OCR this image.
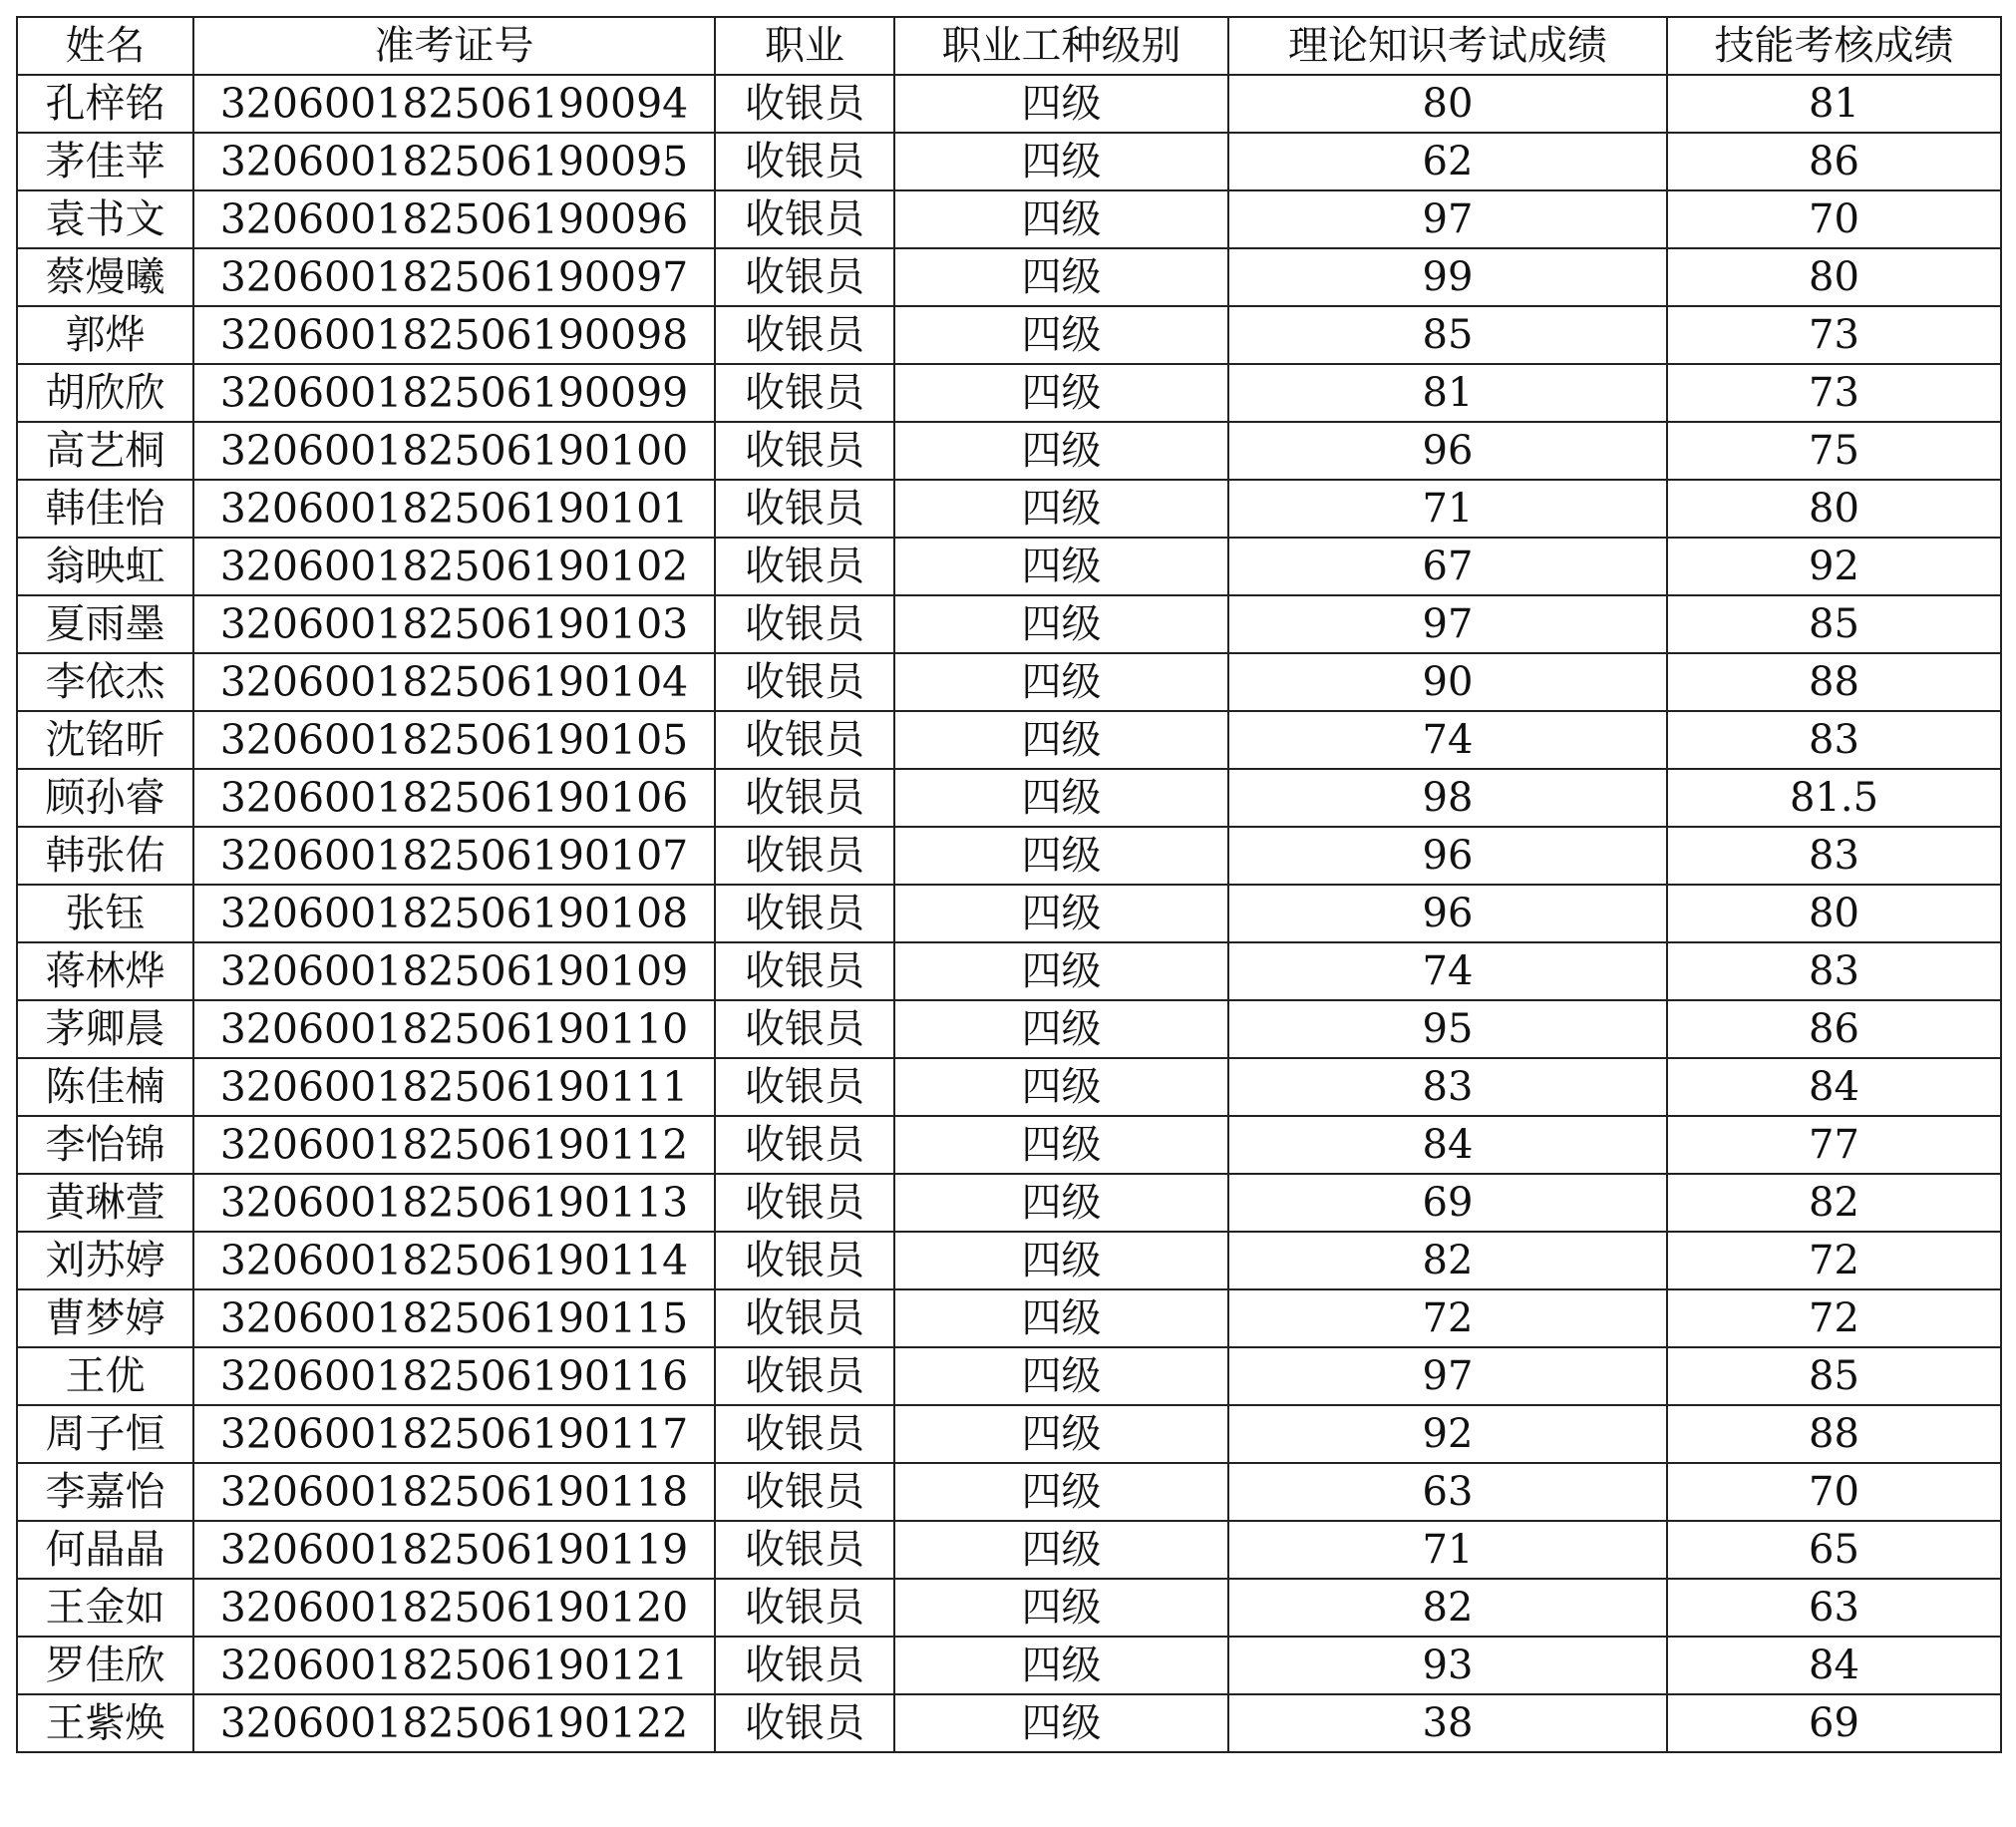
姓名	准考证号	职业	职业工种级别	理论知识考试成绩	技能考核成绩
孔梓铭	320600182506190094	收银员	四级	80	81
茅佳苹	320600182506190095	收银员	四级	62	86
袁书文	320600182506190096	收银员	四级	97	70
蔡熳曦	320600182506190097	收银员	四级	99	80
郭烨	320600182506190098	收银员	四级	85	73
胡欣欣	320600182506190099	收银员	四级	81	73
高艺桐	320600182506190100	收银员	四级	96	75
韩佳怡	320600182506190101	收银员	四级	71	80
翁映虹	320600182506190102	收银员	四级	67	92
夏雨墨	320600182506190103	收银员	四级	97	85
李依杰	320600182506190104	收银员	四级	90	88
沈铭昕	320600182506190105	收银员	四级	74	83
顾孙睿	320600182506190106	收银员	四级	98	81.5
韩张佑	320600182506190107	收银员	四级	96	83
张钰	320600182506190108	收银员	四级	96	80
蒋林烨	320600182506190109	收银员	四级	74	83
茅卿晨	320600182506190110	收银员	四级	95	86
陈佳楠	320600182506190111	收银员	四级	83	84
李怡锦	320600182506190112	收银员	四级	84	77
黄琳萱	320600182506190113	收银员	四级	69	82
刘苏婷	320600182506190114	收银员	四级	82	72
曹梦婷	320600182506190115	收银员	四级	72	72
王优	320600182506190116	收银员	四级	97	85
周子恒	320600182506190117	收银员	四级	92	88
李嘉怡	320600182506190118	收银员	四级	63	70
何晶晶	320600182506190119	收银员	四级	71	65
王金如	320600182506190120	收银员	四级	82	63
罗佳欣	320600182506190121	收银员	四级	93	84
王紫焕	320600182506190122	收银员	四级	38	69
